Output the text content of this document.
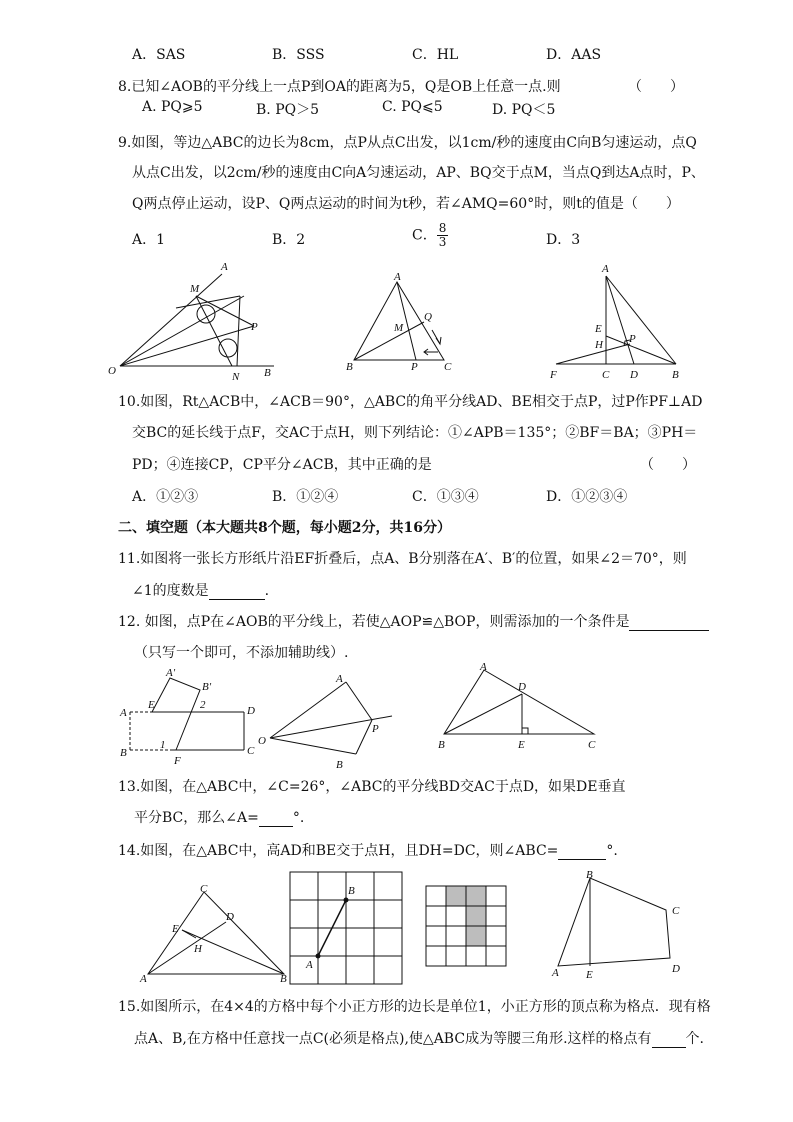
A．SAS	B．SSS	C．HL	D．AAS
8.已知∠AOB的平分线上一点P到OA的距离为5，Q是OB上任意一点.则	（　　）
A. PQ⩾5	B. PQ＞5	C. PQ⩽5	D. PQ＜5
9.如图，等边△ABC的边长为8cm，点P从点C出发，以1cm/秒的速度由C向B匀速运动，点Q
从点C出发，以2cm/秒的速度由C向A匀速运动，AP、BQ交于点M，当点Q到达A点时，P、
Q两点停止运动，设P、Q两点运动的时间为t秒，若∠AMQ=60°时，则t的值是（　　）
A．1	B．2	C． $\frac{8}{3}$	D．3
A
M
P
O	N B
A
Q
M
B	P C
A
E
H P
F	C D	B
10.如图，Rt△ACB中，∠ACB＝90°，△ABC的角平分线AD、BE相交于点P，过P作PF⊥AD
交BC的延长线于点F，交AC于点H，则下列结论：①∠APB＝135°；②BF＝BA；③PH＝
PD；④连接CP，CP平分∠ACB，其中正确的是	（　　）
A．①②③	B．①②④	C．①③④	D．①②③④
二、填空题（本大题共8个题，每小题2分，共16分）
11.如图将一张长方形纸片沿EF折叠后，点A、B分别落在A′、B′的位置，如果∠2＝70°，则
∠1的度数是	.
12. 如图，点P在∠AOB的平分线上，若使△AOP≌△BOP，则需添加的一个条件是
（只写一个即可，不添加辅助线）.
A′
B′
A
E	2	D
B
1
F
C
A
O
P
B
A
D
B	E	C
13.如图，在△ABC中，∠C=26°，∠ABC的平分线BD交AC于点D，如果DE垂直
平分BC，那么∠A= °.
14.如图，在△ABC中，高AD和BE交于点H，且DH=DC，则∠ABC=	°.
C
E
D
H
A	B
B
A
B
C
A E	D
15.如图所示，在4×4的方格中每个小正方形的边长是单位1，小正方形的顶点称为格点．现有格
点A、B,在方格中任意找一点C(必须是格点),使△ABC成为等腰三角形.这样的格点有 个.
